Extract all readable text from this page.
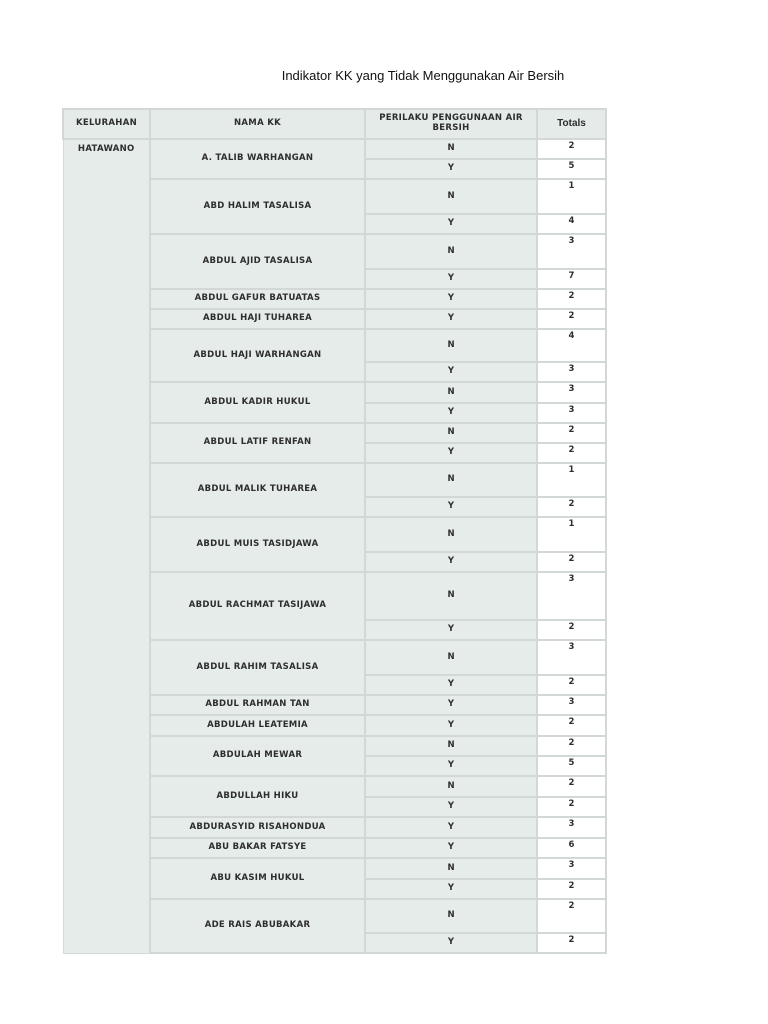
Indikator KK yang Tidak Menggunakan Air Bersih
KELURAHAN	NAMA KK	PERILAKU PENGGUNAAN AIR BERSIH	Totals
HATAWANO	A. TALIB WARHANGAN	N	2
		Y	5
	ABD HALIM TASALISA	N	1
		Y	4
	ABDUL AJID TASALISA	N	3
		Y	7
	ABDUL GAFUR BATUATAS	Y	2
	ABDUL HAJI TUHAREA	Y	2
	ABDUL HAJI WARHANGAN	N	4
		Y	3
	ABDUL KADIR HUKUL	N	3
		Y	3
	ABDUL LATIF RENFAN	N	2
		Y	2
	ABDUL MALIK TUHAREA	N	1
		Y	2
	ABDUL MUIS TASIDJAWA	N	1
		Y	2
	ABDUL RACHMAT TASIJAWA	N	3
		Y	2
	ABDUL RAHIM TASALISA	N	3
		Y	2
	ABDUL RAHMAN TAN	Y	3
	ABDULAH LEATEMIA	Y	2
	ABDULAH MEWAR	N	2
		Y	5
	ABDULLAH HIKU	N	2
		Y	2
	ABDURASYID RISAHONDUA	Y	3
	ABU BAKAR FATSYE	Y	6
	ABU KASIM HUKUL	N	3
		Y	2
	ADE RAIS ABUBAKAR	N	2
		Y	2
